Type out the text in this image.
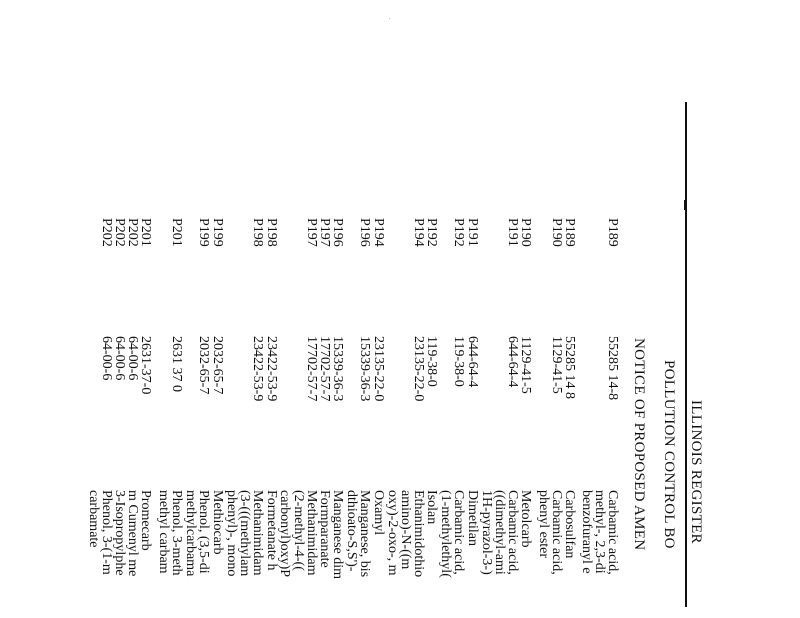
ILLINOIS REGISTER
POLLUTION CONTROL BO
NOTICE OF PROPOSED AMEN
P189
P189
P190
P190
P191
P191
P192
P192
P194
P194
P196
P196
P197
P197
P198
P198
P199
P199
P201
P201
P202
P202
P202
55285 14-8
55285 14 8
1129-41-5
1129-41-5
644-64-4
644-64-4
119-38-0
119-38-0
23135-22-0
23135-22-0
15339-36-3
15339-36-3
17702-57-7
17702-57-7
23422-53-9
23422-53-9
2032-65-7
2032-65-7
2631 37 0
2631-37-0
64-00-6
64-00-6
64-00-6
Carbamic acid,
methyl-, 2,3-di
benzofuranyl e
Carbosulfan
Carbamic acid,
phenyl ester
Metolcarb
Carbamic acid,
((dimethyl-ami
1H-pyrazol-3-)
Dimetilan
Carbamic acid,
(1-methylethyl(
Isolan
Ethanimidothio
amino)-N-((m
oxy)-2-oxo-, m
Oxamyl
Manganese, bis
dthioato-S,S')-
Manganese dim
Formparanate
Methanimidam
(2-methyl-4-((
carbonyl)oxy)P
Formetanate h
Methanimidam
(3-(((methylam
phenyl)-, mono
Methiocarb
Phenol, (3,5-di
methylcarbama
Phenol, 3-meth
methyl carbam
Promecarb
m Cumenyl me
3-Isopropylphe
Phenol, 3-(1-m
carbamate
